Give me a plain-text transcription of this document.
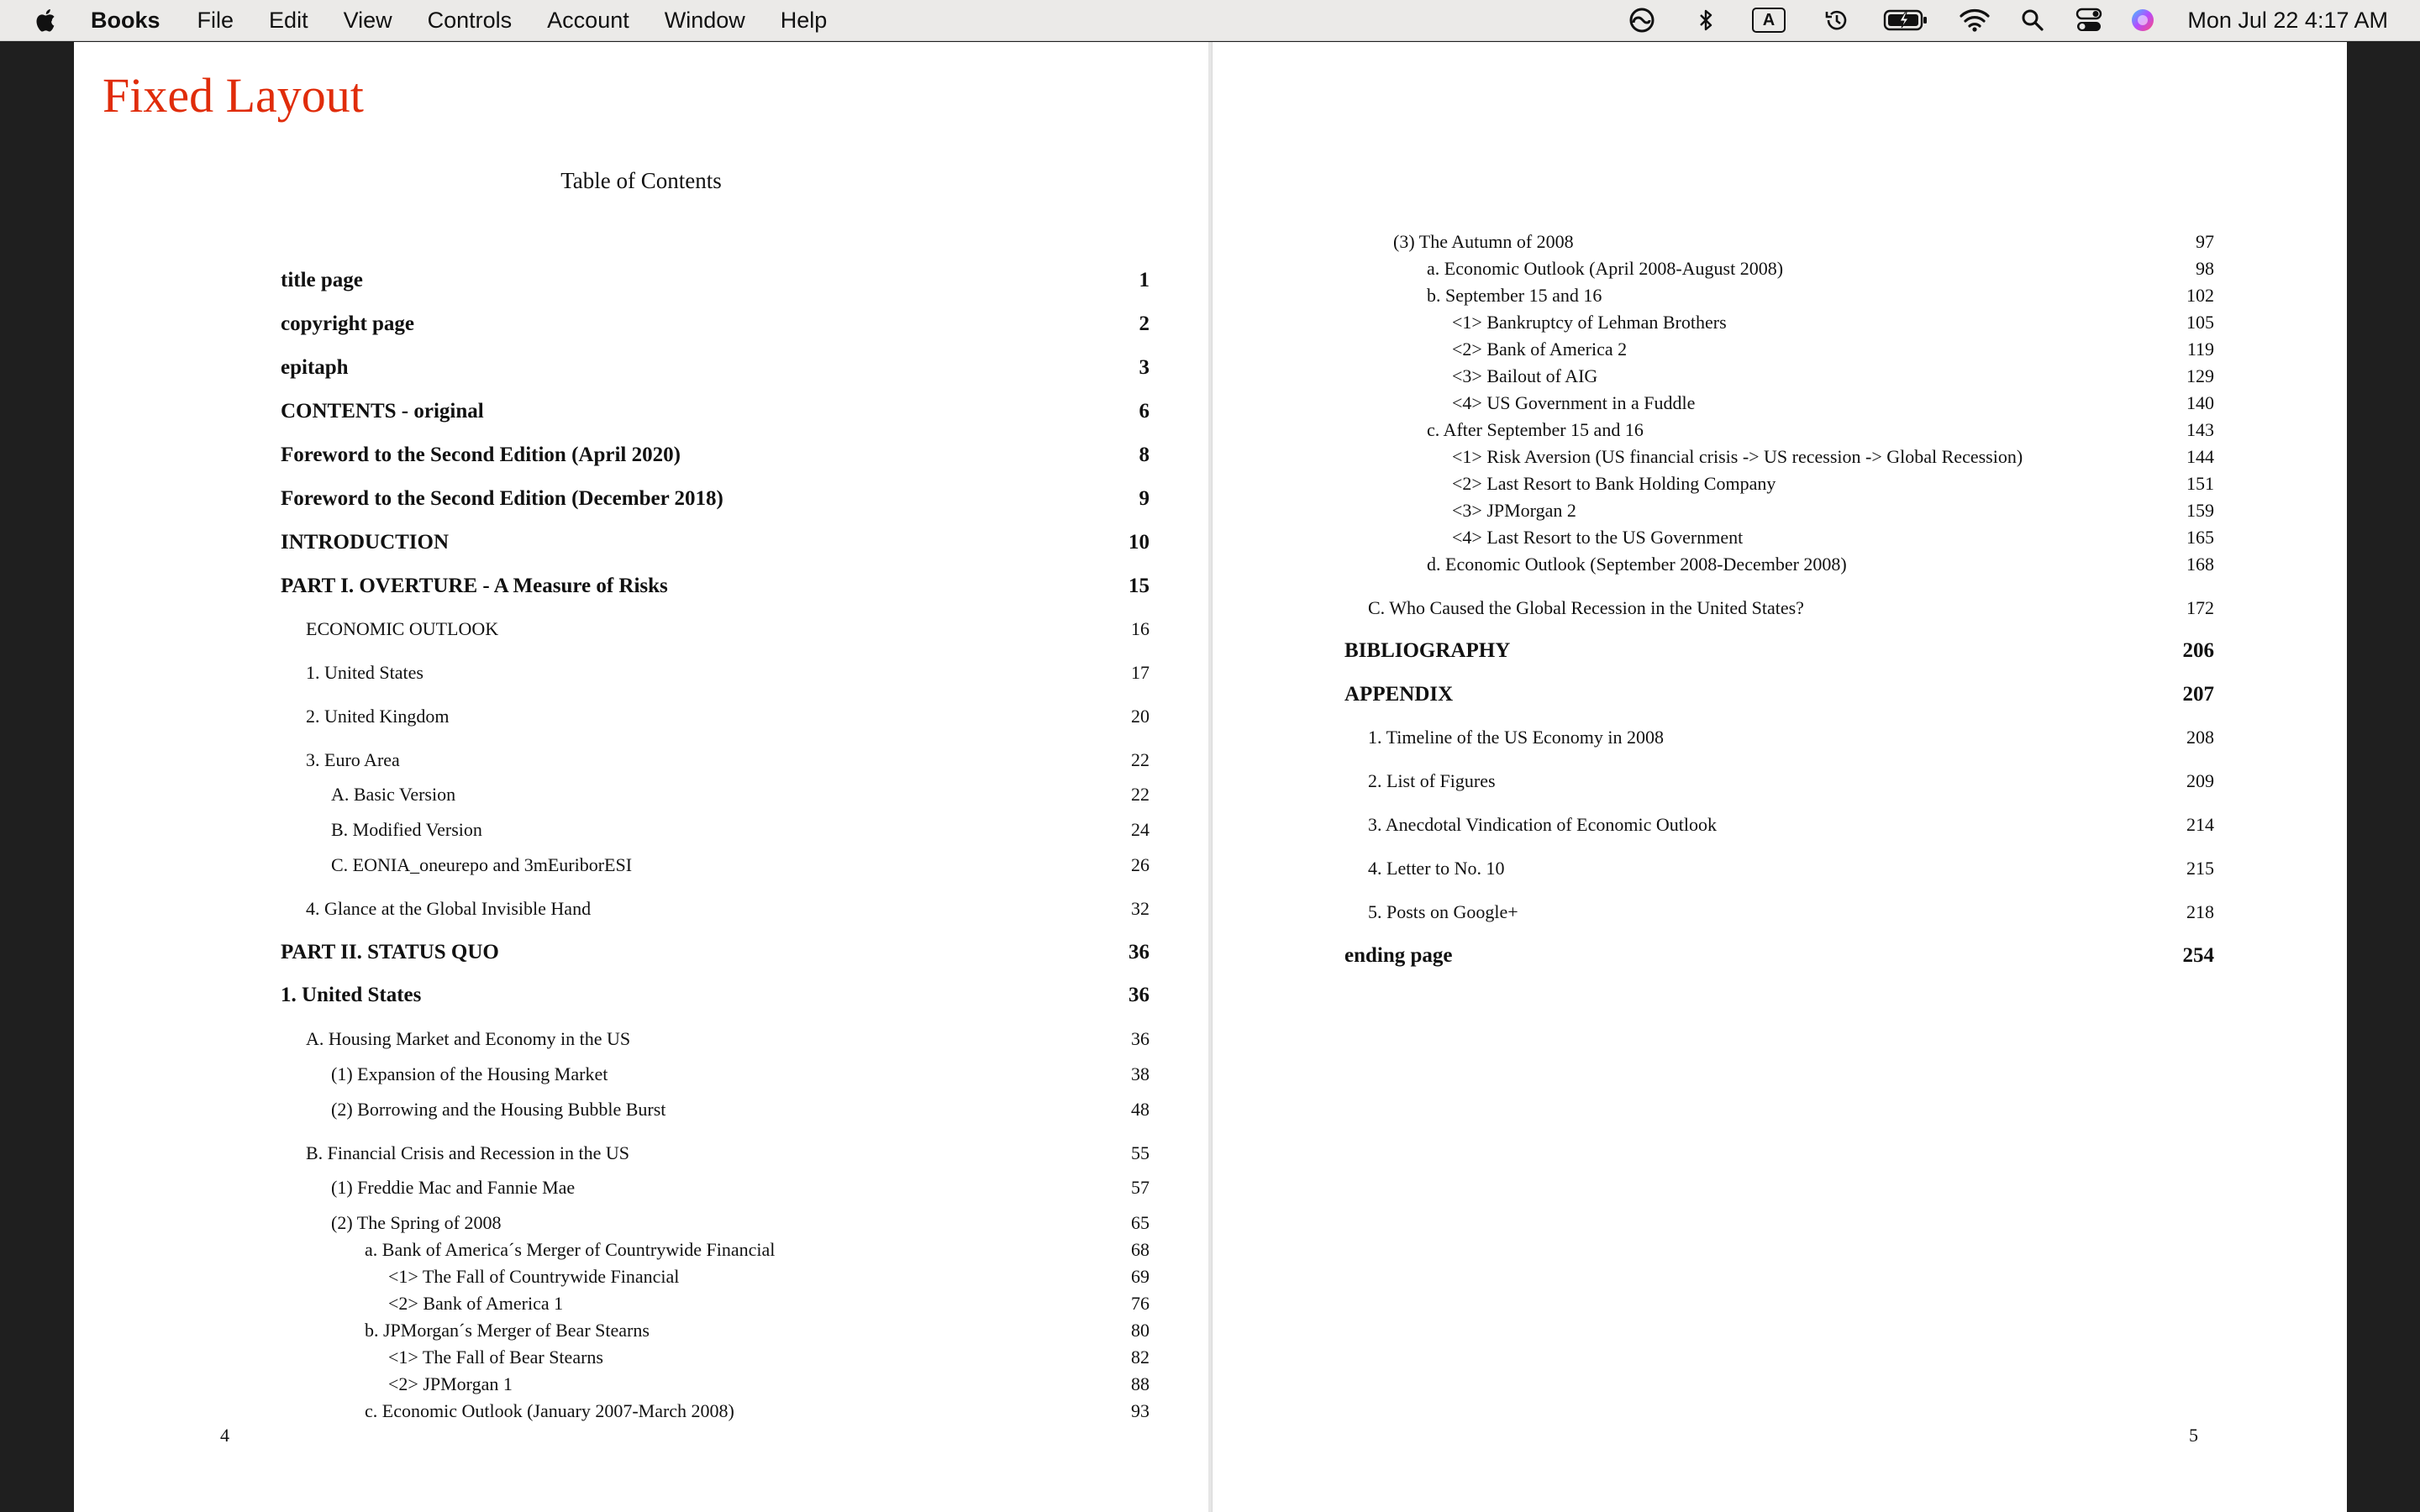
Books File Edit View Controls Account Window Help	A	Mon Jul 22 4:17 AM
Fixed Layout
Table of Contents
4
title page	1
copyright page	2
epitaph	3
CONTENTS - original	6
Foreword to the Second Edition (April 2020)	8
Foreword to the Second Edition (December 2018)	9
INTRODUCTION	10
PART I. OVERTURE - A Measure of Risks	15
ECONOMIC OUTLOOK	16
1. United States	17
2. United Kingdom	20
3. Euro Area	22
A. Basic Version	22
B. Modified Version	24
C. EONIA_oneurepo and 3mEuriborESI	26
4. Glance at the Global Invisible Hand	32
PART II. STATUS QUO	36
1. United States	36
A. Housing Market and Economy in the US	36
(1) Expansion of the Housing Market	38
(2) Borrowing and the Housing Bubble Burst	48
B. Financial Crisis and Recession in the US	55
(1) Freddie Mac and Fannie Mae	57
(2) The Spring of 2008	65
a. Bank of America´s Merger of Countrywide Financial	68
<1> The Fall of Countrywide Financial	69
<2> Bank of America 1	76
b. JPMorgan´s Merger of Bear Stearns	80
<1> The Fall of Bear Stearns	82
<2> JPMorgan 1	88
c. Economic Outlook (January 2007-March 2008)	93
5
(3) The Autumn of 2008	97
a. Economic Outlook (April 2008-August 2008)	98
b. September 15 and 16	102
<1> Bankruptcy of Lehman Brothers	105
<2> Bank of America 2	119
<3> Bailout of AIG	129
<4> US Government in a Fuddle	140
c. After September 15 and 16	143
<1> Risk Aversion (US financial crisis -> US recession -> Global Recession)	144
<2> Last Resort to Bank Holding Company	151
<3> JPMorgan 2	159
<4> Last Resort to the US Government	165
d. Economic Outlook (September 2008-December 2008)	168
C. Who Caused the Global Recession in the United States?	172
BIBLIOGRAPHY	206
APPENDIX	207
1. Timeline of the US Economy in 2008	208
2. List of Figures	209
3. Anecdotal Vindication of Economic Outlook	214
4. Letter to No. 10	215
5. Posts on Google+	218
ending page	254
